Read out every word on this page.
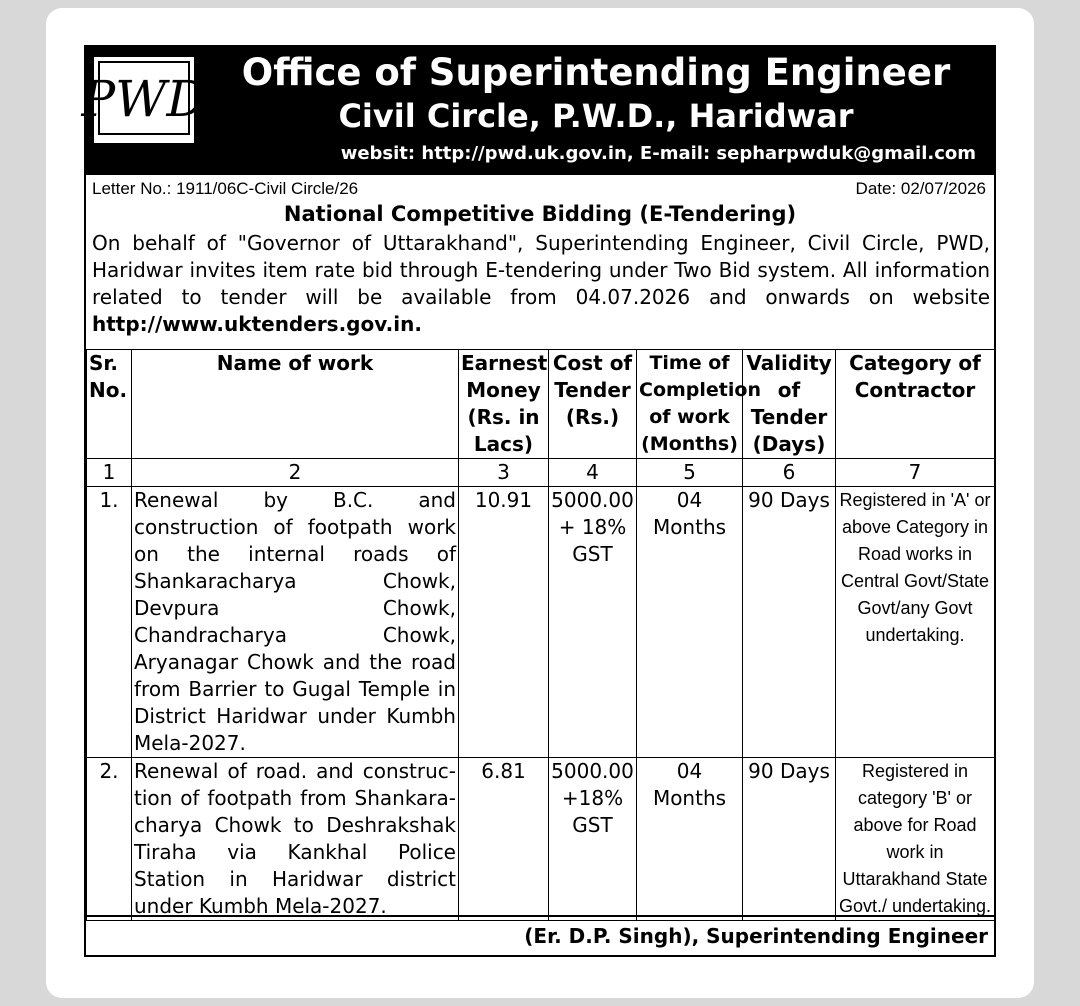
PWD
UTTARAKHAND
Office of Superintending Engineer
Civil Circle, P.W.D., Haridwar
websit: http://pwd.uk.gov.in, E-mail: sepharpwduk@gmail.com
Letter No.: 1911/06C-Civil Circle/26	Date: 02/07/2026
National Competitive Bidding (E-Tendering)
On behalf of "Governor of Uttarakhand", Superintending Engineer, Civil Circle, PWD, Haridwar invites item rate bid through E-tendering under Two Bid system. All information related to tender will be available from 04.07.2026 and onwards on website http://www.uktenders.gov.in.
Sr. No.	Name of work	Earnest Money (Rs. in Lacs)	Cost of Tender (Rs.)	Time of Completion of work (Months)	Validity of Tender (Days)	Category of Contractor
1	2	3	4	5	6	7
1.	Renewal by B.C. and construction of footpath work on the internal roads of Shankaracharya Chowk, Devpura Chowk, Chandracharya Chowk, Aryanagar Chowk and the road from Barrier to Gugal Temple in District Haridwar under Kumbh Mela-2027.	10.91	5000.00 + 18% GST	04 Months	90 Days	Registered in 'A' or above Category in Road works in Central Govt/State Govt/any Govt undertaking.
2.	Renewal of road. and construc-tion of footpath from Shankara-charya Chowk to Deshrakshak Tiraha via Kankhal Police Station in Haridwar district under Kumbh Mela-2027.	6.81	5000.00 +18% GST	04 Months	90 Days	Registered in category 'B' or above for Road work in Uttarakhand State Govt./ undertaking.
(Er. D.P. Singh), Superintending Engineer
